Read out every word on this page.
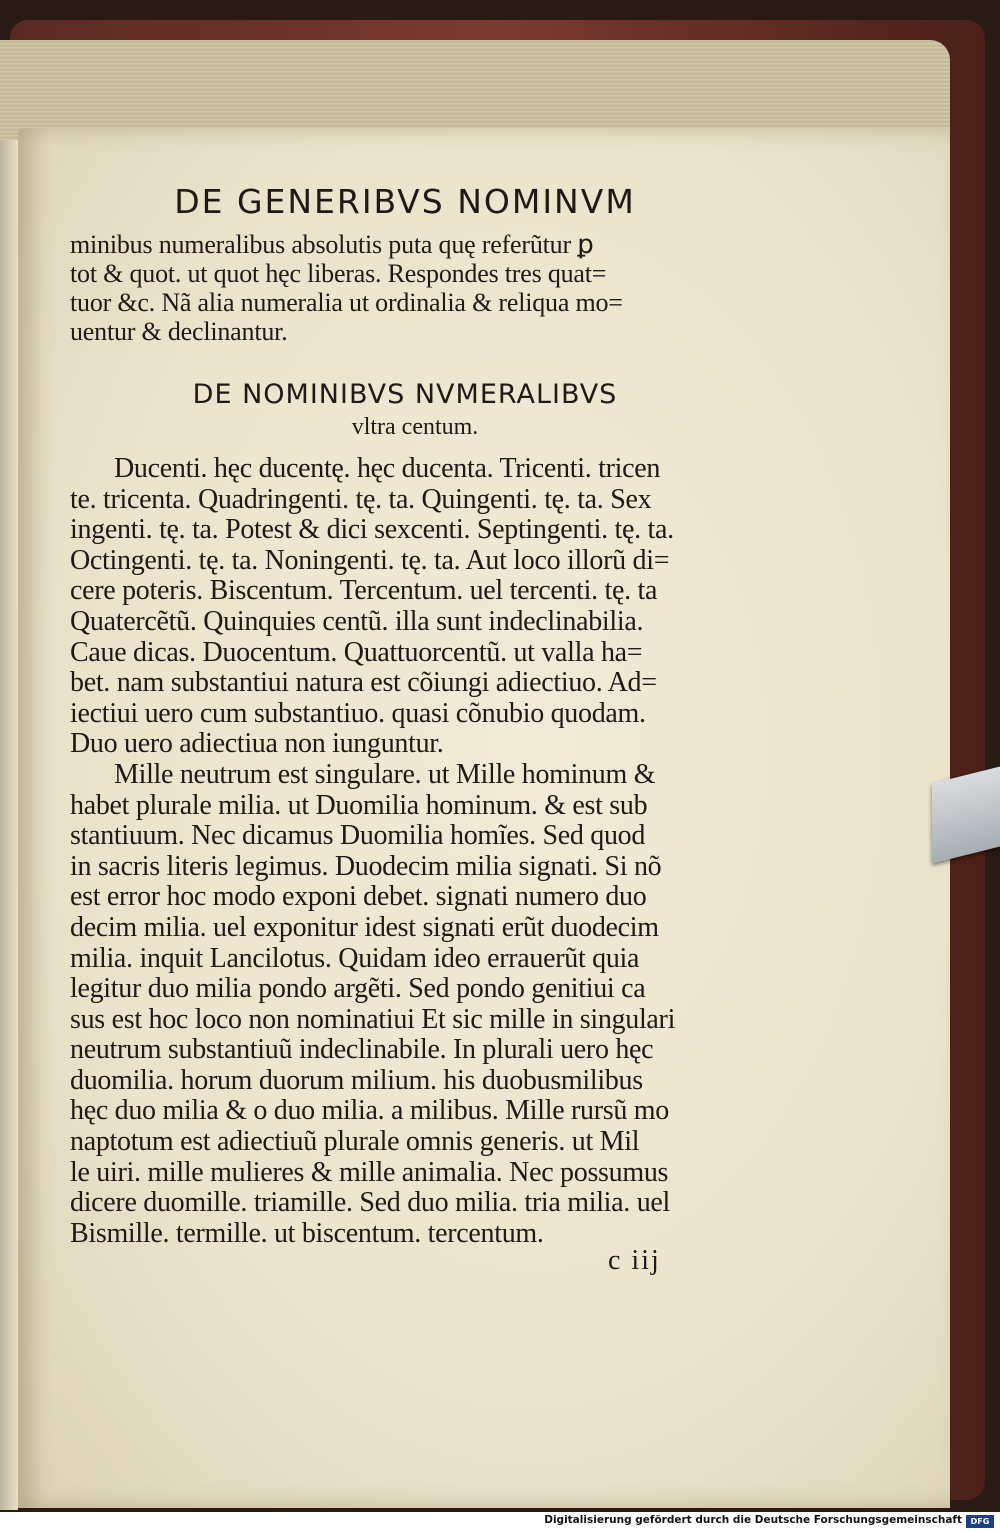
DE GENERIBVS NOMINVM
minibus numeralibus absolutis puta quę referũtur ꝑ
tot & quot. ut quot hęc liberas. Respondes tres quat=
tuor &c. Nã alia numeralia ut ordinalia & reliqua mo=
uentur & declinantur.
DE NOMINIBVS NVMERALIBVS
vltra centum.
Ducenti. hęc ducentę. hęc ducenta. Tricenti. tricen
te. tricenta. Quadringenti. tę. ta. Quingenti. tę. ta. Sex
ingenti. tę. ta. Potest & dici sexcenti. Septingenti. tę. ta.
Octingenti. tę. ta. Noningenti. tę. ta. Aut loco illorũ di=
cere poteris. Biscentum. Tercentum. uel tercenti. tę. ta
Quatercẽtũ. Quinquies centũ. illa sunt indeclinabilia.
Caue dicas. Duocentum. Quattuorcentũ. ut valla ha=
bet. nam substantiui natura est cõiungi adiectiuo. Ad=
iectiui uero cum substantiuo. quasi cõnubio quodam.
Duo uero adiectiua non iunguntur.
Mille neutrum est singulare. ut Mille hominum &
habet plurale milia. ut Duomilia hominum. & est sub
stantiuum. Nec dicamus Duomilia homĩes. Sed quod
in sacris literis legimus. Duodecim milia signati. Si nõ
est error hoc modo exponi debet. signati numero duo
decim milia. uel exponitur idest signati erũt duodecim
milia. inquit Lancilotus. Quidam ideo errauerũt quia
legitur duo milia pondo argẽti. Sed pondo genitiui ca
sus est hoc loco non nominatiui Et sic mille in singulari
neutrum substantiuũ indeclinabile. In plurali uero hęc
duomilia. horum duorum milium. his duobusmilibus
hęc duo milia & o duo milia. a milibus. Mille rursũ mo
naptotum est adiectiuũ plurale omnis generis. ut Mil
le uiri. mille mulieres & mille animalia. Nec possumus
dicere duomille. triamille. Sed duo milia. tria milia. uel
Bismille. termille. ut biscentum. tercentum.
c iij
Digitalisierung gefördert durch die Deutsche Forschungsgemeinschaft	DFG
